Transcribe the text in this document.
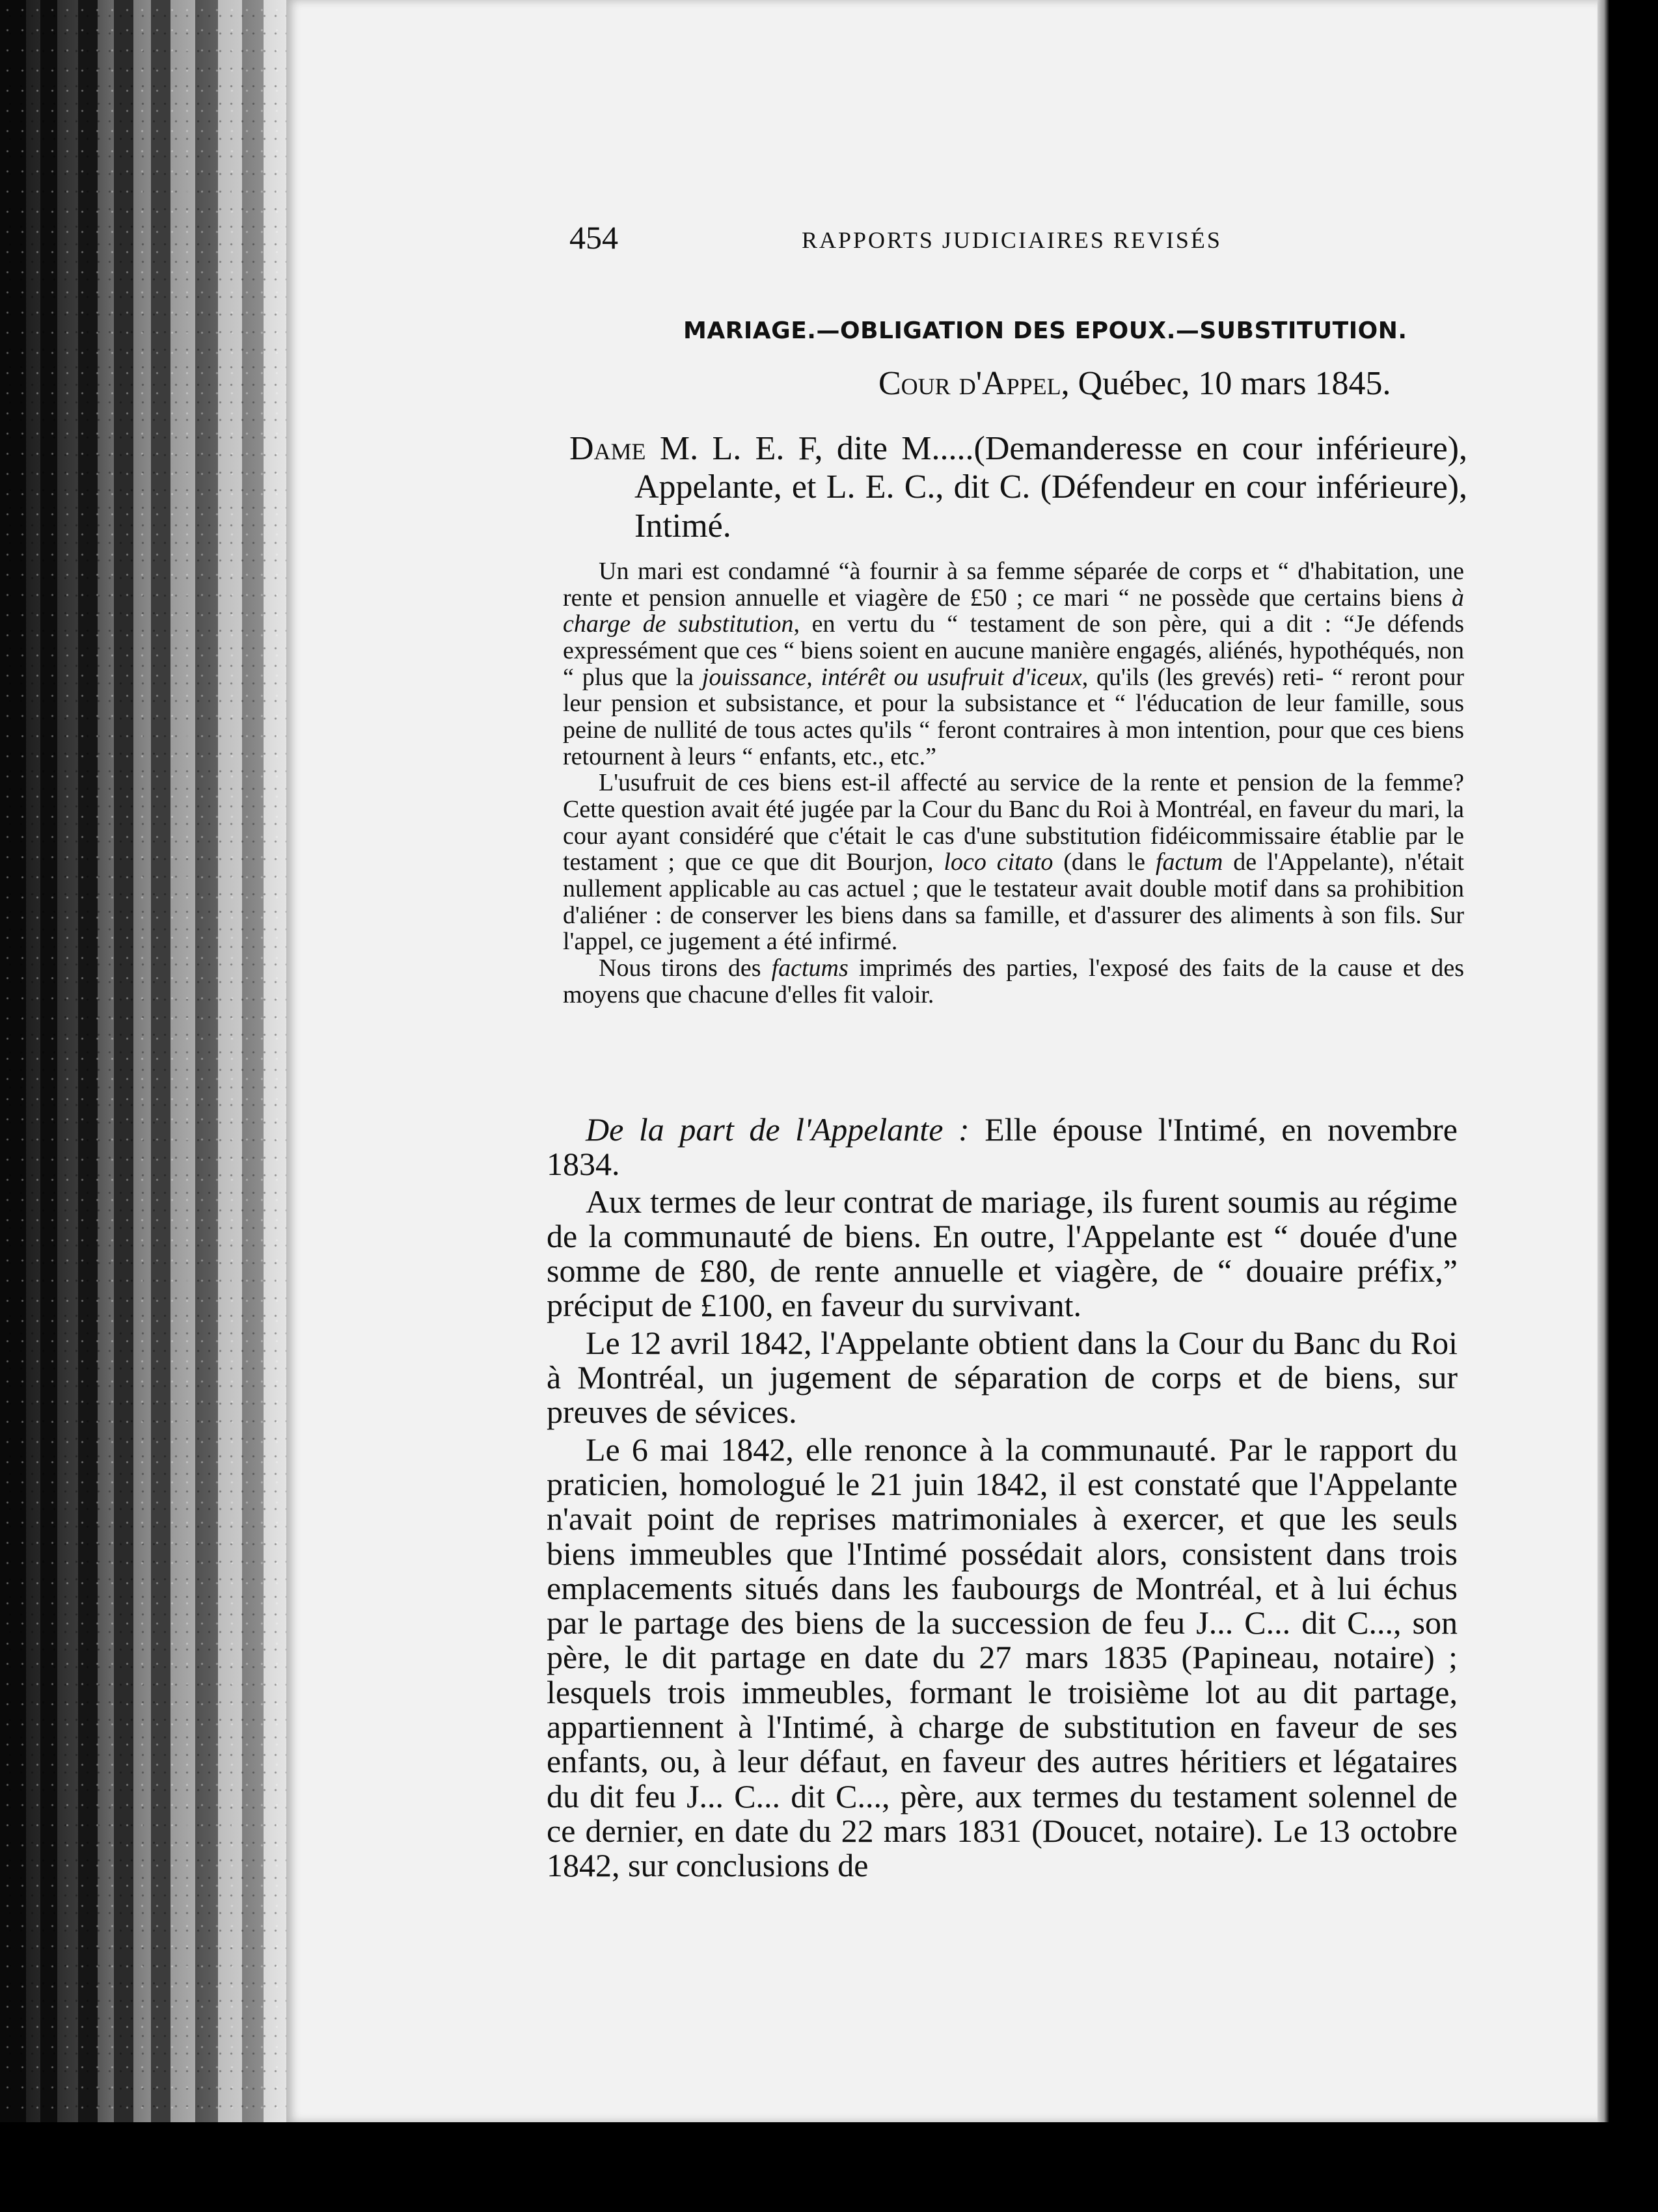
454	RAPPORTS JUDICIAIRES REVISÉS
MARIAGE.—OBLIGATION DES EPOUX.—SUBSTITUTION.
Cour d'Appel, Québec, 10 mars 1845.
Dame M. L. E. F, dite M.....(Demanderesse en cour inférieure), Appelante, et L. E. C., dit C. (Défendeur en cour inférieure), Intimé.

Un mari est condamné “à fournir à sa femme séparée de corps et “ d'habitation, une rente et pension annuelle et viagère de £50 ; ce mari “ ne possède que certains biens à charge de substitution, en vertu du “ testament de son père, qui a dit : “Je défends expressément que ces “ biens soient en aucune manière engagés, aliénés, hypothéqués, non “ plus que la jouissance, intérêt ou usufruit d'iceux, qu'ils (les grevés) reti- “ reront pour leur pension et subsistance, et pour la subsistance et “ l'éducation de leur famille, sous peine de nullité de tous actes qu'ils “ feront contraires à mon intention, pour que ces biens retournent à leurs “ enfants, etc., etc.”

L'usufruit de ces biens est-il affecté au service de la rente et pension de la femme? Cette question avait été jugée par la Cour du Banc du Roi à Montréal, en faveur du mari, la cour ayant considéré que c'était le cas d'une substitution fidéicommissaire établie par le testament ; que ce que dit Bourjon, loco citato (dans le factum de l'Appelante), n'était nullement applicable au cas actuel ; que le testateur avait double motif dans sa prohibition d'aliéner : de conserver les biens dans sa famille, et d'assurer des aliments à son fils. Sur l'appel, ce jugement a été infirmé.

Nous tirons des factums imprimés des parties, l'exposé des faits de la cause et des moyens que chacune d'elles fit valoir.

De la part de l'Appelante : Elle épouse l'Intimé, en novembre 1834.

Aux termes de leur contrat de mariage, ils furent soumis au régime de la communauté de biens. En outre, l'Appelante est “ douée d'une somme de £80, de rente annuelle et viagère, de “ douaire préfix,” préciput de £100, en faveur du survivant.

Le 12 avril 1842, l'Appelante obtient dans la Cour du Banc du Roi à Montréal, un jugement de séparation de corps et de biens, sur preuves de sévices.

Le 6 mai 1842, elle renonce à la communauté. Par le rapport du praticien, homologué le 21 juin 1842, il est constaté que l'Appelante n'avait point de reprises matrimoniales à exercer, et que les seuls biens immeubles que l'Intimé possédait alors, consistent dans trois emplacements situés dans les faubourgs de Montréal, et à lui échus par le partage des biens de la succession de feu J... C... dit C..., son père, le dit partage en date du 27 mars 1835 (Papineau, notaire) ; lesquels trois immeubles, formant le troisième lot au dit partage, appartiennent à l'Intimé, à charge de substitution en faveur de ses enfants, ou, à leur défaut, en faveur des autres héritiers et légataires du dit feu J... C... dit C..., père, aux termes du testament solennel de ce dernier, en date du 22 mars 1831 (Doucet, notaire). Le 13 octobre 1842, sur conclusions de
